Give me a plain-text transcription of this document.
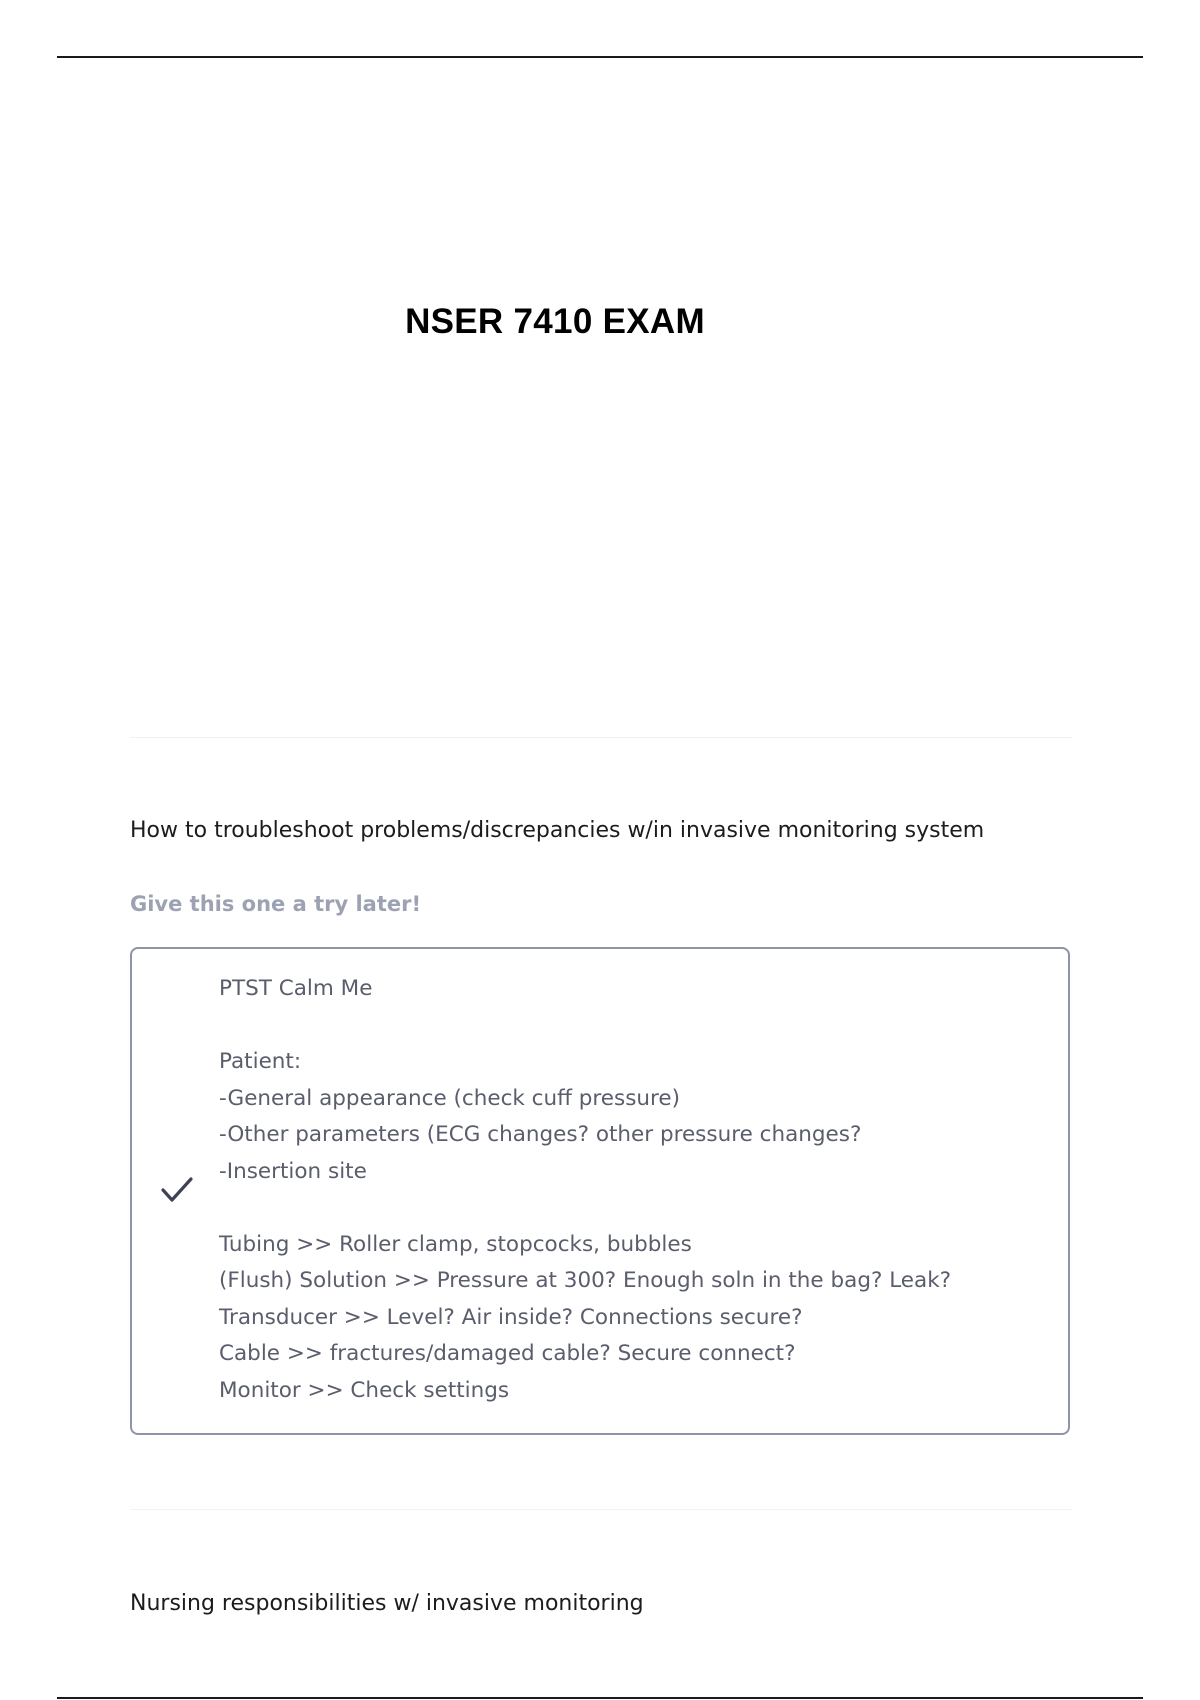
NSER 7410 EXAM
How to troubleshoot problems/discrepancies w/in invasive monitoring system
Give this one a try later!
PTST Calm Me
Patient:
-General appearance (check cuff pressure)
-Other parameters (ECG changes? other pressure changes?
-Insertion site
Tubing >> Roller clamp, stopcocks, bubbles
(Flush) Solution >> Pressure at 300? Enough soln in the bag? Leak?
Transducer >> Level? Air inside? Connections secure?
Cable >> fractures/damaged cable? Secure connect?
Monitor >> Check settings
Nursing responsibilities w/ invasive monitoring
